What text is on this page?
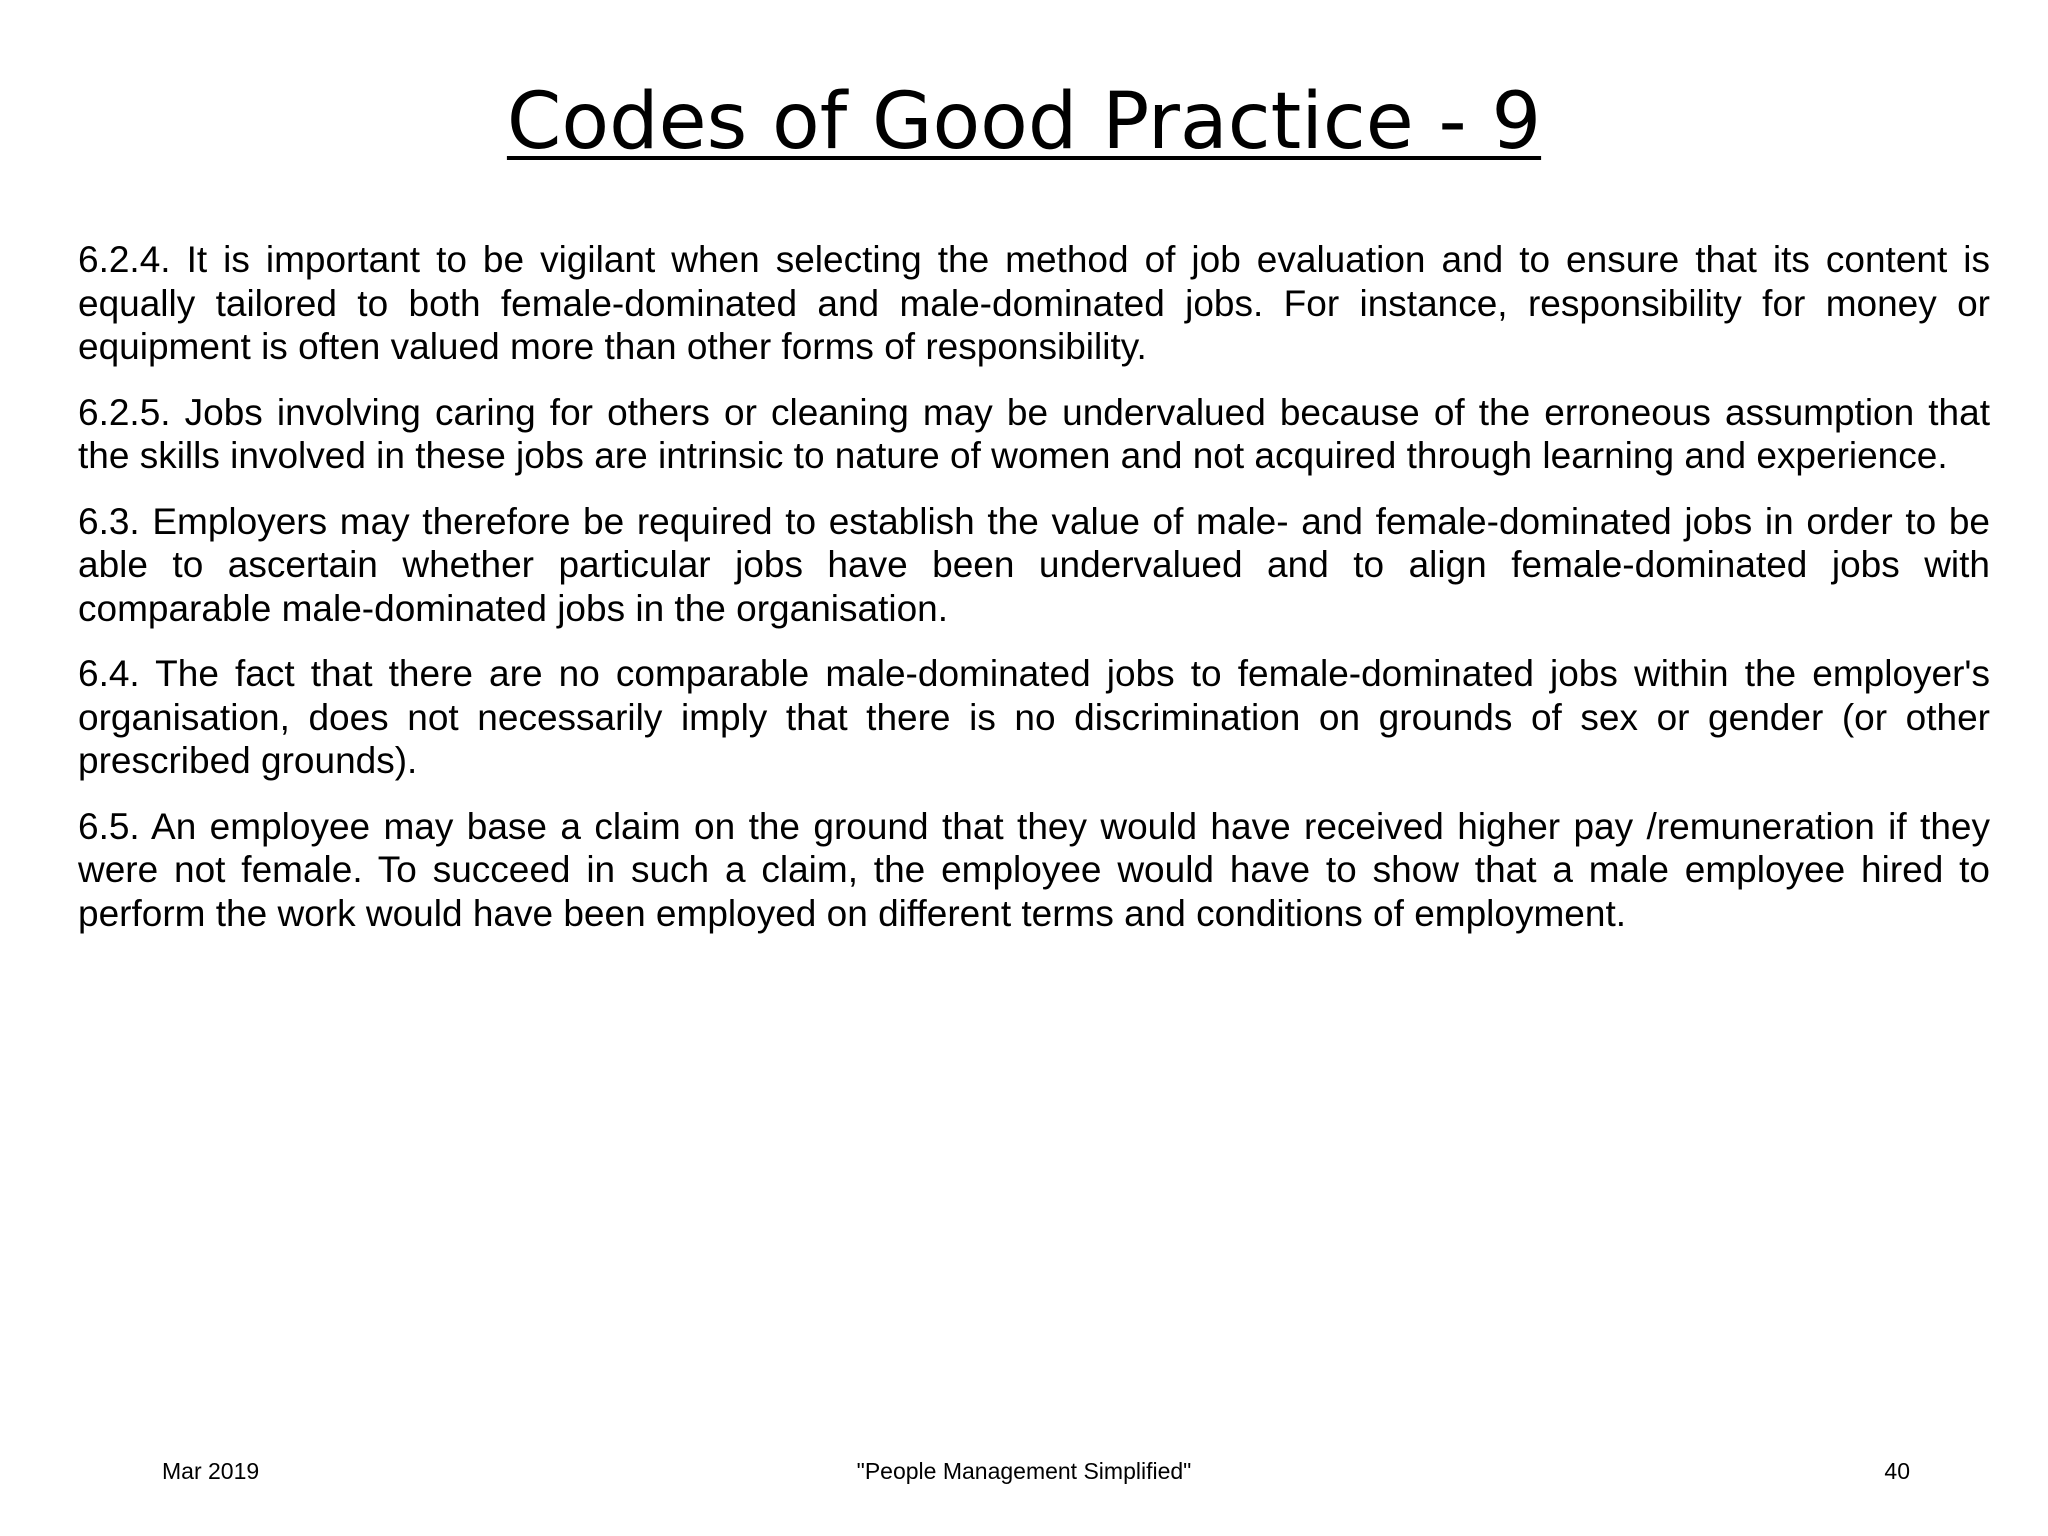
Codes of Good Practice - 9

6.2.4. It is important to be vigilant when selecting the method of job evaluation and to ensure that its content is equally tailored to both female-dominated and male-dominated jobs. For instance, responsibility for money or equipment is often valued more than other forms of responsibility.

6.2.5. Jobs involving caring for others or cleaning may be undervalued because of the erroneous assumption that the skills involved in these jobs are intrinsic to nature of women and not acquired through learning and experience.

6.3. Employers may therefore be required to establish the value of male- and female-dominated jobs in order to be able to ascertain whether particular jobs have been undervalued and to align female-dominated jobs with comparable male-dominated jobs in the organisation.

6.4. The fact that there are no comparable male-dominated jobs to female-dominated jobs within the employer's organisation, does not necessarily imply that there is no discrimination on grounds of sex or gender (or other prescribed grounds).

6.5. An employee may base a claim on the ground that they would have received higher pay /remuneration if they were not female. To succeed in such a claim, the employee would have to show that a male employee hired to perform the work would have been employed on different terms and conditions of employment.

Mar 2019	"People Management Simplified"	40
